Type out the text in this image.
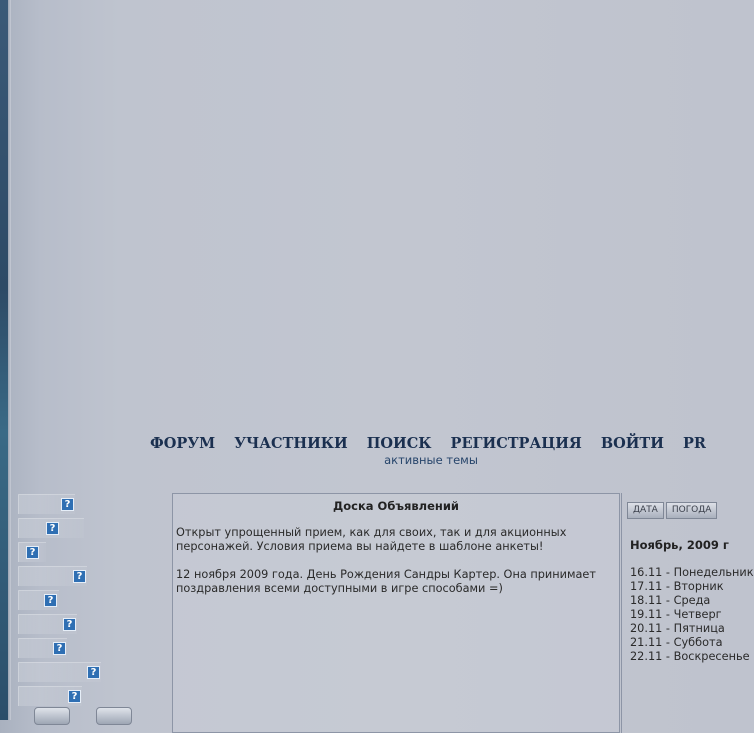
ФОРУМ УЧАСТНИКИ ПОИСК РЕГИСТРАЦИЯ ВОЙТИ PR
активные темы
?
?
?
?
?
?
?
?
?
Доска Объявлений

Открыт упрощенный прием, как для своих, так и для акционных персонажей. Условия приема вы найдете в шаблоне анкеты!

12 ноября 2009 года. День Рождения Сандры Картер. Она принимает поздравления всеми доступными в игре способами =)

ДАТА ПОГОДА
Ноябрь, 2009 г
16.11 - Понедельник
17.11 - Вторник
18.11 - Среда
19.11 - Четверг
20.11 - Пятница
21.11 - Суббота
22.11 - Воскресенье
